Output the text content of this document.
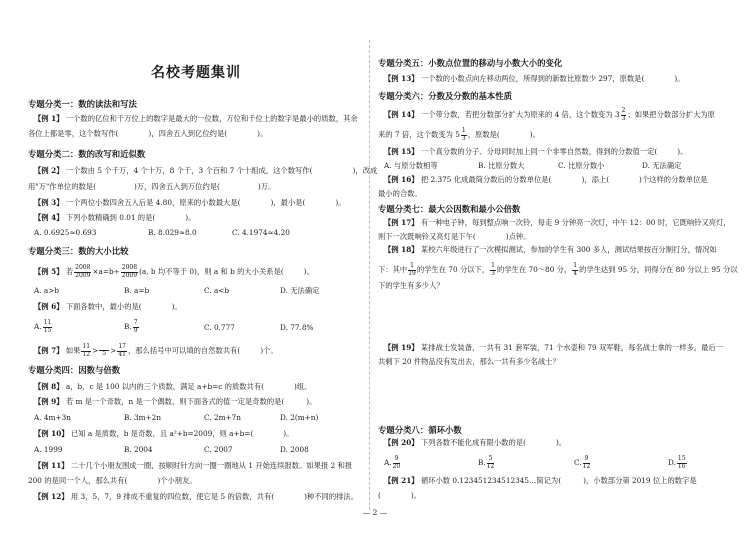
名校考题集训
专题分类一：数的读法和写法
【例 1】 一个数的亿位和千万位上的数字是最大的一位数，万位和千位上的数字是最小的质数，其余
各位上都是零，这个数写作(	)，四舍五入到亿位约是(	)。
专题分类二：数的改写和近似数
【例 2】 一个数由 5 个千万，4 个十万，8 个千，3 个百和 7 个十组成，这个数写作(	)，改成
用"万"作单位的数是(	)万，四舍五入到万位约是(	)万。
【例 3】 一个两位小数四舍五入后是 4.80，原来的小数最大是(	)，最小是(	)。
【例 4】 下列小数精确到 0.01 的是(	)。
A. 0.6925≈0.693	B. 8.029≈8.0	C. 4.1974≈4.20
专题分类三：数的大小比较
【例 5】 若 $\frac{2008}{2009} \times a=b\div \frac{2008}{2009} (a$, b 均不等于 0)，则 a 和 b 的大小关系是(	)。
A. a>b	B. a=b	C. a<b	D. 无法确定
【例 6】 下面各数中，最小的是(	)。
A. $\frac{11}{15}$	B. $\frac{7}{9}$	C. 0.777	D. 77.8%
【例 7】 如果 $\frac{11}{12} > 5 > \frac{17}{41}$ ，那么括号中可以填的自然数共有(	)个。
专题分类四：因数与倍数
【例 8】 a，b，c 是 100 以内的三个质数，满足 a+b=c 的质数共有(	)组。
【例 9】 若 m 是一个奇数，n 是一个偶数，则下面各式的值一定是奇数的是(	)。
A. 4m+3n	B. 3m+2n	C. 2m+7n	D. 2(m+n)
【例 10】 已知 a 是质数，b 是奇数，且 a²+b=2009，则 a+b=(	)。
A. 1999	B. 2004	C. 2007	D. 2008
【例 11】 二十几个小朋友围成一圈，按顺时针方向一圈一圈地从 1 开始连续报数。如果报 2 和报
200 的是同一个人，那么共有(	)个小朋友。
【例 12】 用 3，5，7，9 排成不重复的四位数，使它是 5 的倍数，共有(	)种不同的排法。
专题分类五：小数点位置的移动与小数大小的变化
【例 13】 一个数的小数点向左移动两位，所得到的新数比原数少 297，原数是(	)。
专题分类六：分数及分数的基本性质
【例 14】 一个带分数，若把分数部分扩大为原来的 4 倍，这个数变为 $3 \frac{2}{3}$ ；如果把分数部分扩大为原
来的 7 倍，这个数变为 $5 \frac{1}{3}$ ，原数是(	)。
【例 15】 一个真分数的分子、分母同时加上同一个非零自然数，得到的分数值一定(	)。
A. 与原分数相等	B. 比原分数大	C. 比原分数小	D. 无法确定
【例 16】 把 2.375 化成最简分数后的分数单位是(	)，添上(	)个这样的分数单位是
最小的合数。
专题分类七：最大公因数和最小公倍数
【例 17】 有一种电子钟，每到整点响一次铃，每走 9 分钟亮一次灯，中午 12：00 时，它既响铃又亮灯，
则下一次既响铃又亮灯是下午(	)点钟。
【例 18】 某校六年级进行了一次模拟测试，参加的学生有 300 多人，测试结果按百分制打分，情况如
下：其中 $\frac{1}{19}$ 的学生在 70 分以下， $\frac{1}{3}$ 的学生在 70～80 分， $\frac{1}{4}$ 的学生达到 95 分，同得分在 80 分以上 95 分以
下的学生有多少人？
【例 19】 某排战士发装备，一共有 31 套军装，71 个水壶和 79 双军鞋，每名战士拿的一样多，最后一
共剩下 20 件物品没有发出去，那么一共有多少名战士？
专题分类八：循环小数
【例 20】 下列各数不能化成有限小数的是(	)。
A. $\frac{9}{20}$	B. $\frac{5}{12}$	C. $\frac{9}{12}$	D. $\frac{15}{16}$
【例 21】 循环小数 0.123451234512345…简记为(	)，小数部分第 2019 位上的数字是
(	)。
— 2 —
